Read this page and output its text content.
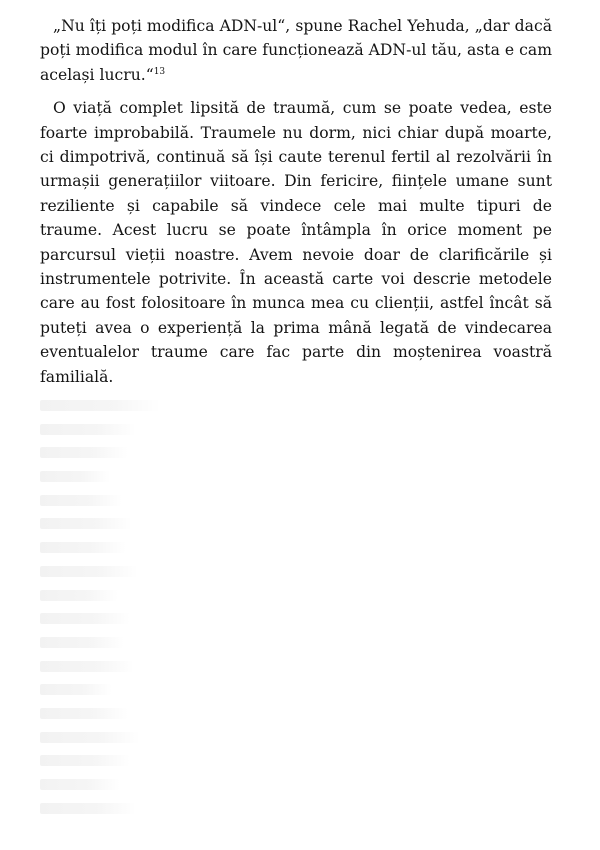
„Nu îți poți modifica ADN-ul“, spune Rachel Yehuda, „dar dacă poți modifica modul în care funcționează ADN-ul tău, asta e cam același lucru.“$^{13}$

O viață complet lipsită de traumă, cum se poate vedea, este foarte improbabilă. Traumele nu dorm, nici chiar după moarte, ci dimpotrivă, continuă să își caute terenul fertil al rezolvării în urmașii generațiilor viitoare. Din fericire, ființele umane sunt reziliente și capabile să vindece cele mai multe tipuri de traume. Acest lucru se poate întâmpla în orice moment pe parcursul vieții noastre. Avem nevoie doar de clarificările și instrumentele potrivite. În această carte voi descrie metodele care au fost folositoare în munca mea cu clienții, astfel încât să puteți avea o experiență la prima mână legată de vindecarea eventualelor traume care fac parte din moștenirea voastră familială.
